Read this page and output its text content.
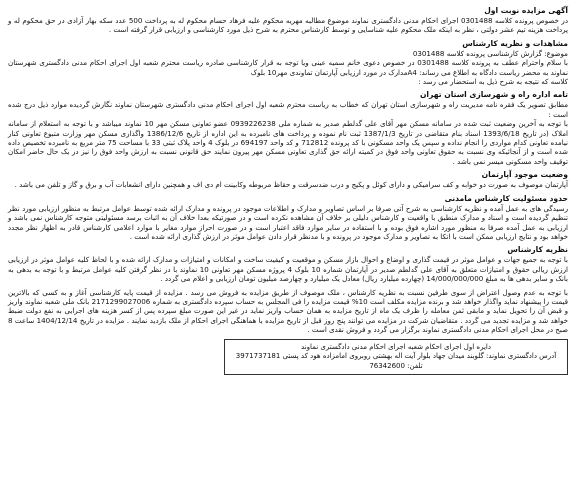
آگهی مزایده نوبت اول

در خصوص پرونده کلاسه 0301488 اجرای احکام مدنی دادگستری نماوند موضوع مطالبه مهریه محکوم علیه فرهاد حسام محکوم له به پرداخت 500 عدد سکه بهار آزادی در حق محکوم له و پرداخت هزینه تیم عشر دولتی ، نظر به اینکه ملک محکوم علیه شناسایی و توسط کارشناس محترم به شرح ذیل مورد کارشناسی و ارزیابی قرار گرفته است .

مشاهدات و نظریه کارشناس

موضوع: گزارش کارشناسی پرونده کلاسه 0301488

با سلام واحترام عطف به پرونده کلاسه 0301488 در خصوص دعوی خانم سمیه عینی ویا توجه به قرار کارشناسی صادره ریاست محترم شعبه اول اجرای احکام مدنی دادگستری شهرستان نماوند به محضر ریاست دادگاه به اطلاع می رساند: A4مدارک در مورد ارزیابی آپارتمان تماوندی مهر10 بلوک

کلاسه که نتیجه به شرح ذیل به استحضار می رسد :

تامه اداره راه و شهرسازی استان تهران

مطابق تصویر یک فقره نامه مدیریت راه و شهرسازی استان تهران که خطاب به ریاست محترم شعبه اول اجرای احکام مدنی دادگستری شهرستان نماوند نگارش گردیده موارد ذیل درج شده است :

با توجه به آخرین وضعیت ثبت شده در سامانه مسکن مهر آقای علی گدلطم صدیر به شماره ملی 0939226238 عضو تعاونی مسکن مهر 10 نماوند میباشد و با توجه به استعلام از سامانه املاک (در تاریخ 1393/6/18 اسناد بنام متقاضی در تاریخ 1387/1/3 ثبت نام نموده و پرداخت های نامبرده به این اداره از تاریخ 1386/12/6 واگذاری مسکن مهر وزارت متبوع تعاونی کنار نیامده تعاونی کدام مواردی را انجام نداده و سپس یک واحد مسکونی با کد پرونده 712812 و کد واحد 694197 در بلوک 4 واحد پلاک ثبتی 33 با مساحت 75 متر مربع به نامبرده تخصیص داده شده است و از آنجائیکه وی نسبت به حقوق تعاونی واحد فوق در کمیته ارائه حق گذاری تعاونی مسکن مهر پیرون نمایند حق قانونی نسبت به ارزش واحد فوق را نیز در یک حال حاضر امکان توقیف واحد مسکونی میسر نمی باشد .

وضعیت موجود آپارتمان

آپارتمان موصوف به صورت دو خوابه و کف سرامیکی و دارای کوئل و پکیج و درب ضدسرقت و حقاظ مربوطه وکابینت ام دی اف و همچنین دارای انشعابات آب و برق و گاز و تلفن می باشد .

حدود مسئولیت کارشناس مامدنی

رسیدگی های به عمل آمده و نظریه کارشناسی به شرح آتی صرفا بر اساس تصاویر و مدارک و اطلاعات موجود در پرونده و مدارک ارائه شده توسط عوامل مرتبط به منظور ارزیابی مورد نظر تنظیم گردیده است و اسناد و مدارک منطبق با واقعیت و کارشناس دلیلی بر خلاف آن مشاهده نکرده است و در صورتیکه بعدا خلاف آن به اثبات برسد مسئولیتی متوجه کارشناس نمی باشد و ارزیابی به عمل آمده صرفا به منظور مورد اشاره فوق بوده و با استفاده در سایر موارد فاقد اعتبار است و در صورت احراز موارد مغایر با موارد اعلامی کارشناس قادر به اظهار نظر مجدد خواهد بود و نتایج ارزیابی ممکن است با اتکا به تصاویر و مدارک موجود در پرونده و با مدنظر قرار دادن عوامل موثر در ارزش گذاری ارائه شده است .

نظریه کارشناس

با توجه به جمیع جهات و عوامل موثر در قیمت گذاری و اوضاع و احوال بازار مسکن و موقعیت و کیفیت ساخت و امکانات و امتیازات و مدارک ارائه شده و با لحاظ کلیه عوامل موثر در ارزیابی ارزش ریالی حقوق و امتیازات متعلق به آقای علی گدلطم صدیر در آپارتمان شماره 10 بلوک 4 پروژه مسکن مهر تعاونی 10 نماوند با در نظر گرفتن کلیه عوامل مرتبط و با توجه به بدهی به بانک و سایر بدهی ها به مبلغ 14/000/000/000 (چهارده میلیارد ریال) معادل یک میلیارد و چهارصد میلیون تومان ارزیابی و اعلام می گردد .

با توجه به عدم وصول اعتراض از سوی طرفین نسبت به نظریه کارشناس ، ملک موصوف از طریق مزایده به فروش می رسد . مزایده از قیمت پایه کارشناسی آغاز و به کسی که بالاترین قیمت را پیشنهاد نماید واگذار خواهد شد و برنده مزایده مکلف است 10% قیمت مزایده را فی المجلس به حساب سپرده دادگستری به شماره 2171299027006 بانک ملی شعبه نماوند واریز و قبض آن را تحویل نماید و مابقی ثمن معامله را ظرف یک ماه از تاریخ مزایده به همان حساب واریز نماید در غیر این صورت مبلغ سپرده پس از کسر هزینه های اجرایی به نفع دولت ضبط خواهد شد و مزایده تجدید می گردد . متقاضیان شرکت در مزایده می توانند پنج روز قبل از تاریخ مزایده با هماهنگی اجرای احکام از ملک بازدید نمایند . مزایده در تاریخ 1404/12/14 ساعت 8 صبح در محل اجرای احکام مدنی دادگستری نماوند برگزار می گردد و فروش نقدی است .

دایره اول اجرای احکام شعبه اجرای احکام مدنی دادگستری نماوند
آدرس دادگستری نماوند: گلوبند میدان جهاد بلوار آیت اله بهشتی روبروی امامزاده هود کد پستی 3971737181 تلفن: 76342600
